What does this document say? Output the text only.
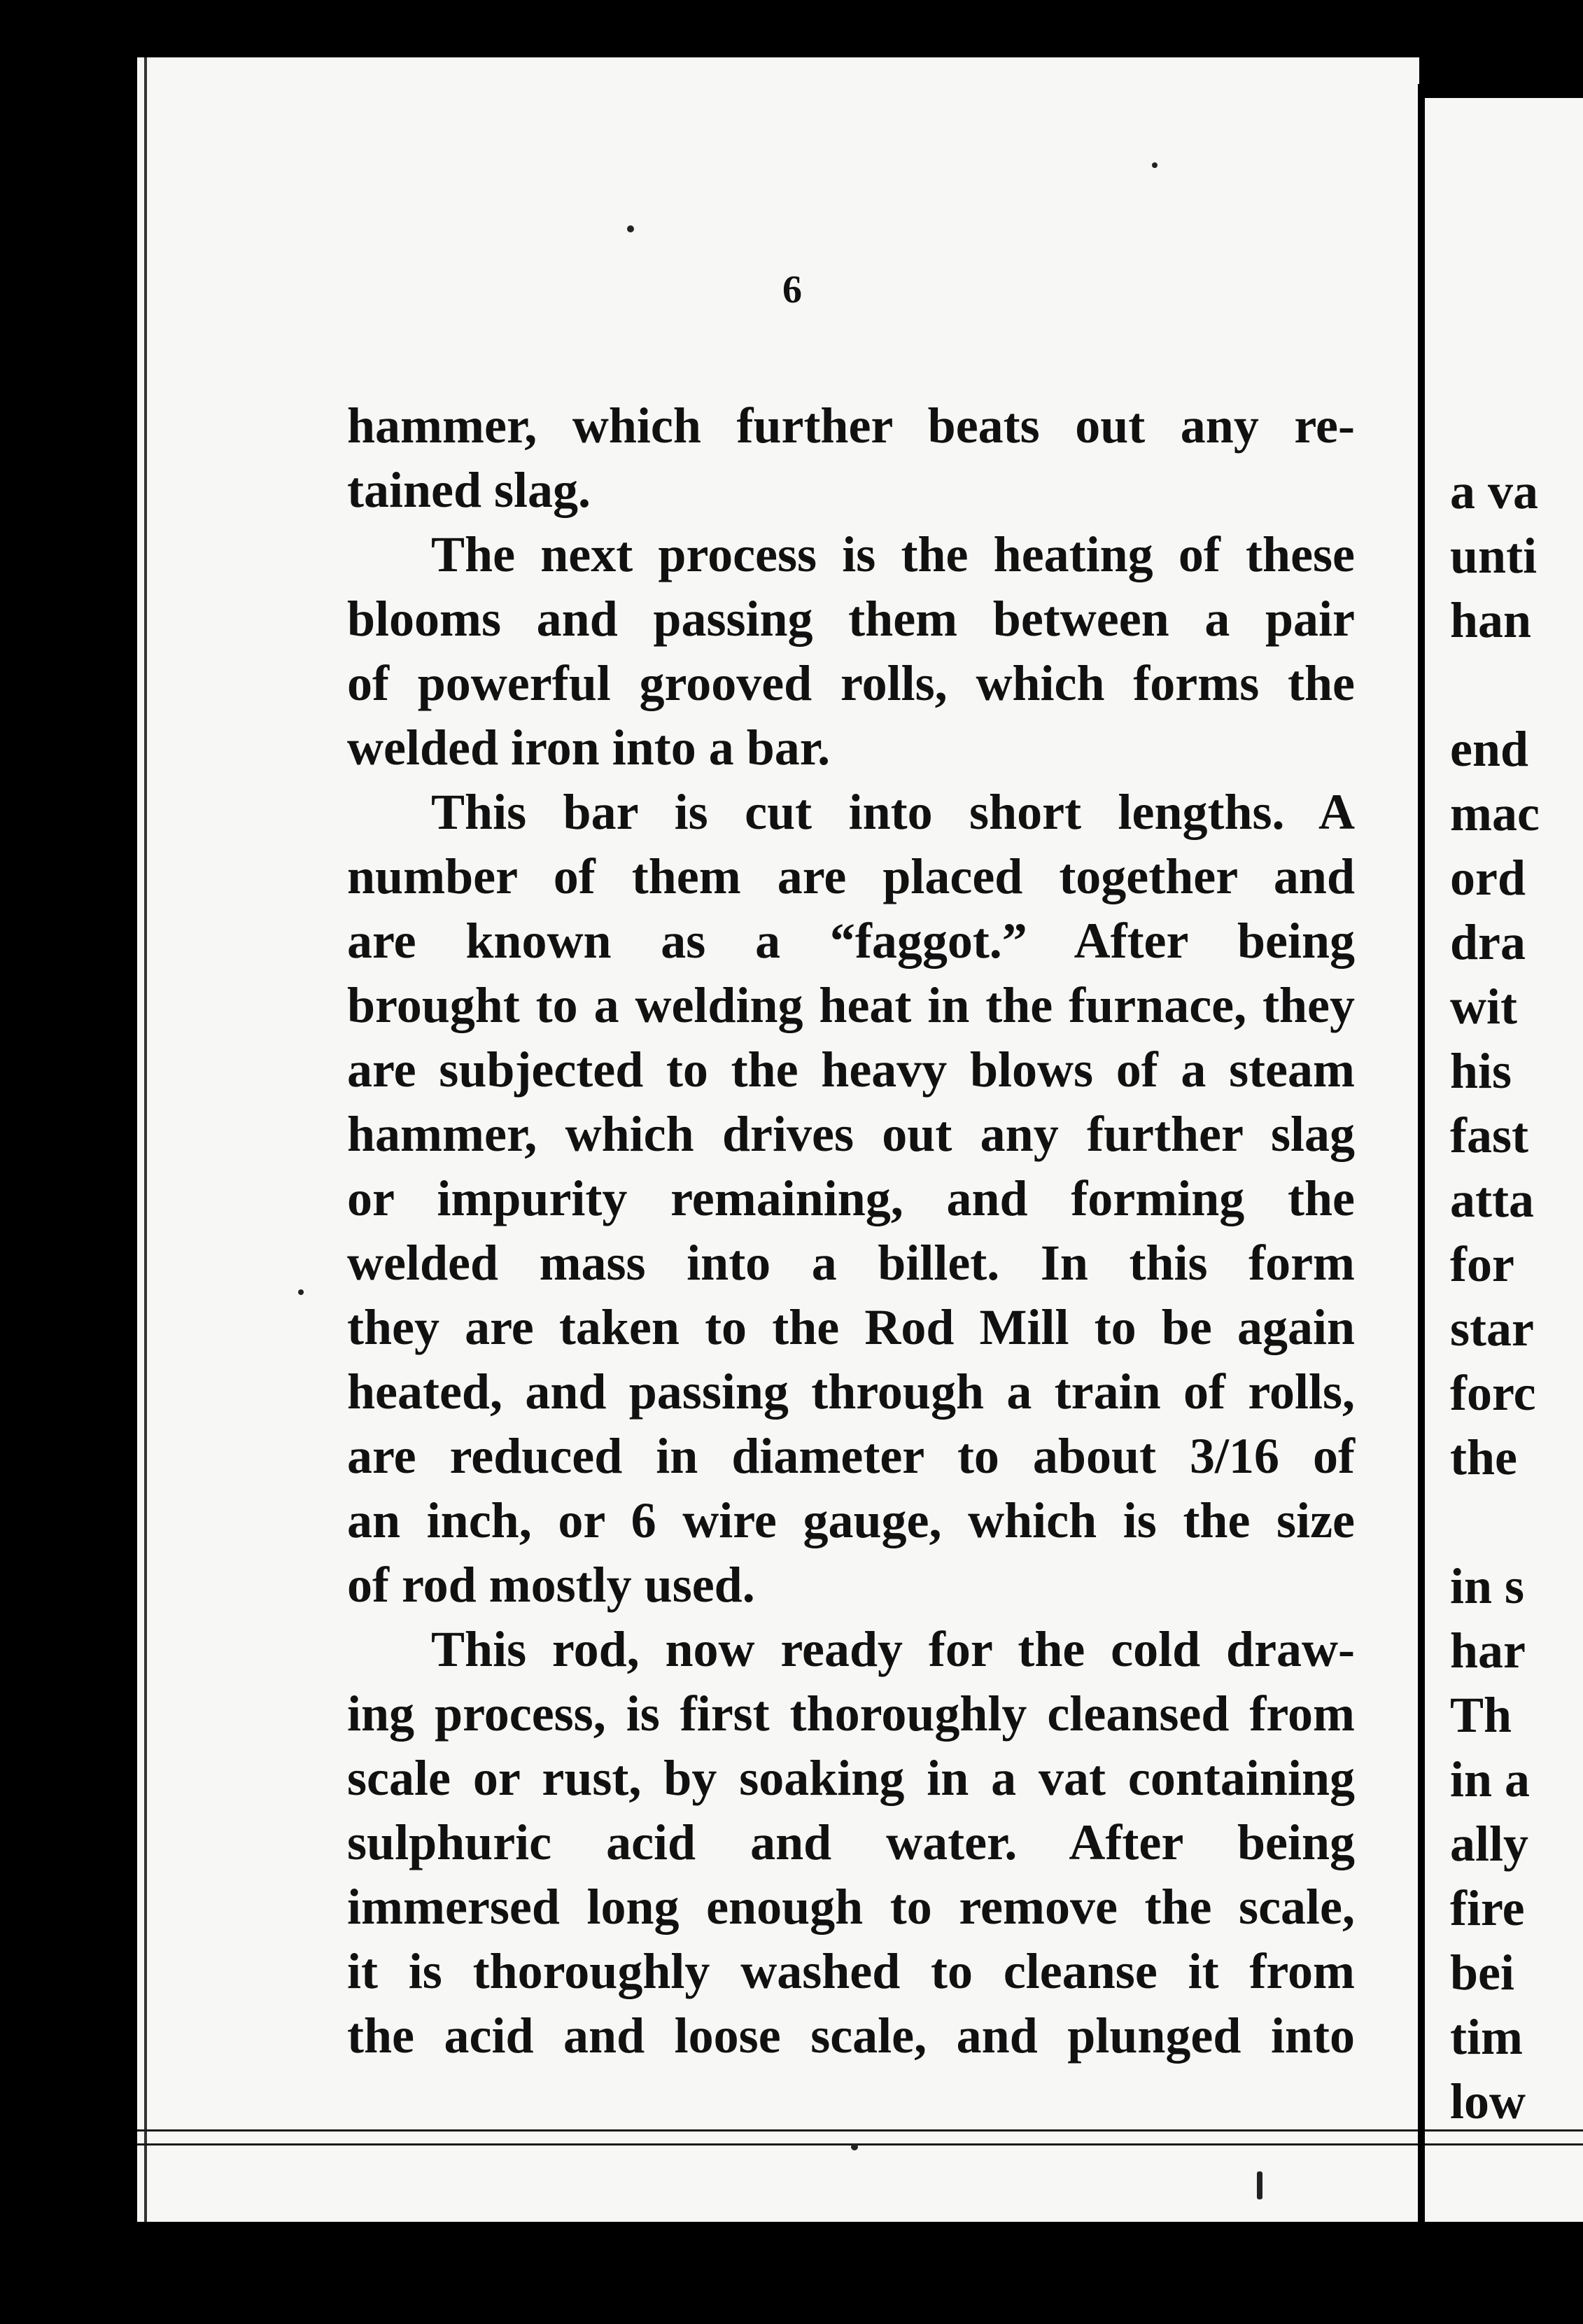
6
hammer, which further beats out any re-
tained slag.
The next process is the heating of these
blooms and passing them between a pair
of powerful grooved rolls, which forms the
welded iron into a bar.
This bar is cut into short lengths. A
number of them are placed together and
are known as a “faggot.” After being
brought to a welding heat in the furnace, they
are subjected to the heavy blows of a steam
hammer, which drives out any further slag
or impurity remaining, and forming the
welded mass into a billet. In this form
they are taken to the Rod Mill to be again
heated, and passing through a train of rolls,
are reduced in diameter to about 3/16 of
an inch, or 6 wire gauge, which is the size
of rod mostly used.
This rod, now ready for the cold draw-
ing process, is first thoroughly cleansed from
scale or rust, by soaking in a vat containing
sulphuric acid and water. After being
immersed long enough to remove the scale,
it is thoroughly washed to cleanse it from
the acid and loose scale, and plunged into
a va
unti
han
end
mac
ord
dra
wit
his
fast
atta
for
star
forc
the
in s
har
Th
in a
ally
fire
bei
tim
low
